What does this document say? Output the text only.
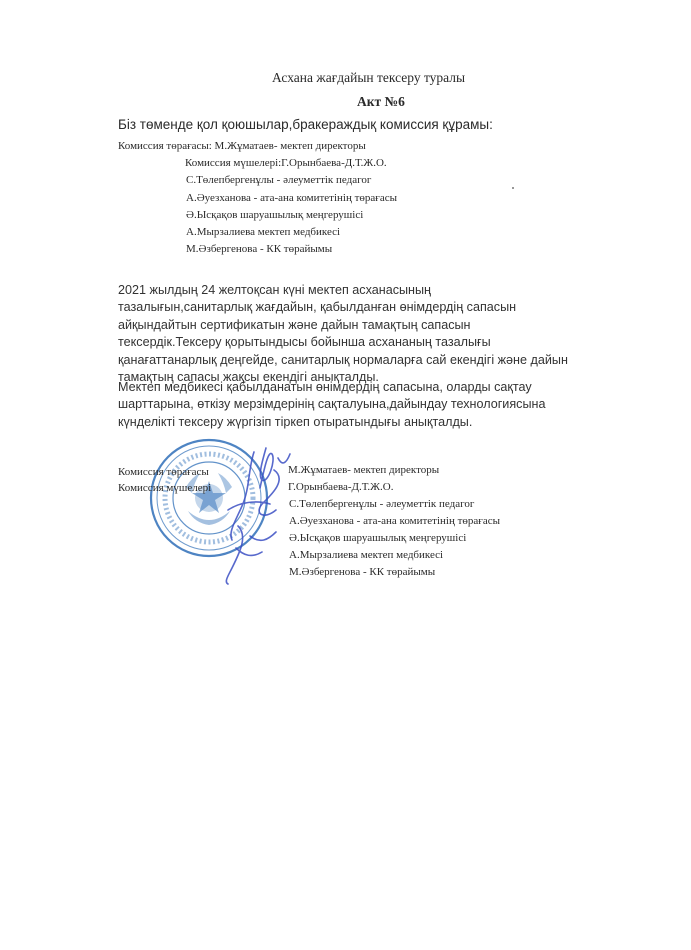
Асхана жағдайын тексеру туралы
Акт №6
Біз төменде қол қоюшылар,бракераждық комиссия құрамы:
Комиссия төрағасы: М.Жұматаев- мектеп директоры
Комиссия мүшелері:Г.Орынбаева-Д.Т.Ж.О.
С.Төлепбергенұлы - әлеуметтік педагог
А.Әуезханова - ата-ана комитетінің төрағасы
Ә.Ысқақов шаруашылық меңгерушісі
А.Мырзалиева мектеп медбикесі
М.Әзбергенова - КК төрайымы
2021 жылдың 24 желтоқсан күні мектеп асханасының тазалығын,санитарлық жағдайын, қабылданған өнімдердің сапасын айқындайтын сертификатын және дайын тамақтың сапасын тексердік.Тексеру қорытындысы бойынша асхананың тазалығы қанағаттанарлық деңгейде, санитарлық нормаларға сай екендігі және дайын тамақтың сапасы жақсы екендігі анықталды.
Мектеп медбикесі қабылданатын өнімдердің сапасына, оларды сақтау шарттарына, өткізу мерзімдерінің сақталуына,дайындау технологиясына күнделікті тексеру жүргізіп тіркеп отыратындығы анықталды.
Комиссия төрағасы
Комиссия мүшелері
М.Жұматаев- мектеп директоры
Г.Орынбаева-Д.Т.Ж.О.
С.Төлепбергенұлы - әлеуметтік педагог
А.Әуезханова - ата-ана комитетінің төрағасы
Ә.Ысқақов шаруашылық меңгерушісі
А.Мырзалиева мектеп медбикесі
М.Әзбергенова - КК төрайымы
